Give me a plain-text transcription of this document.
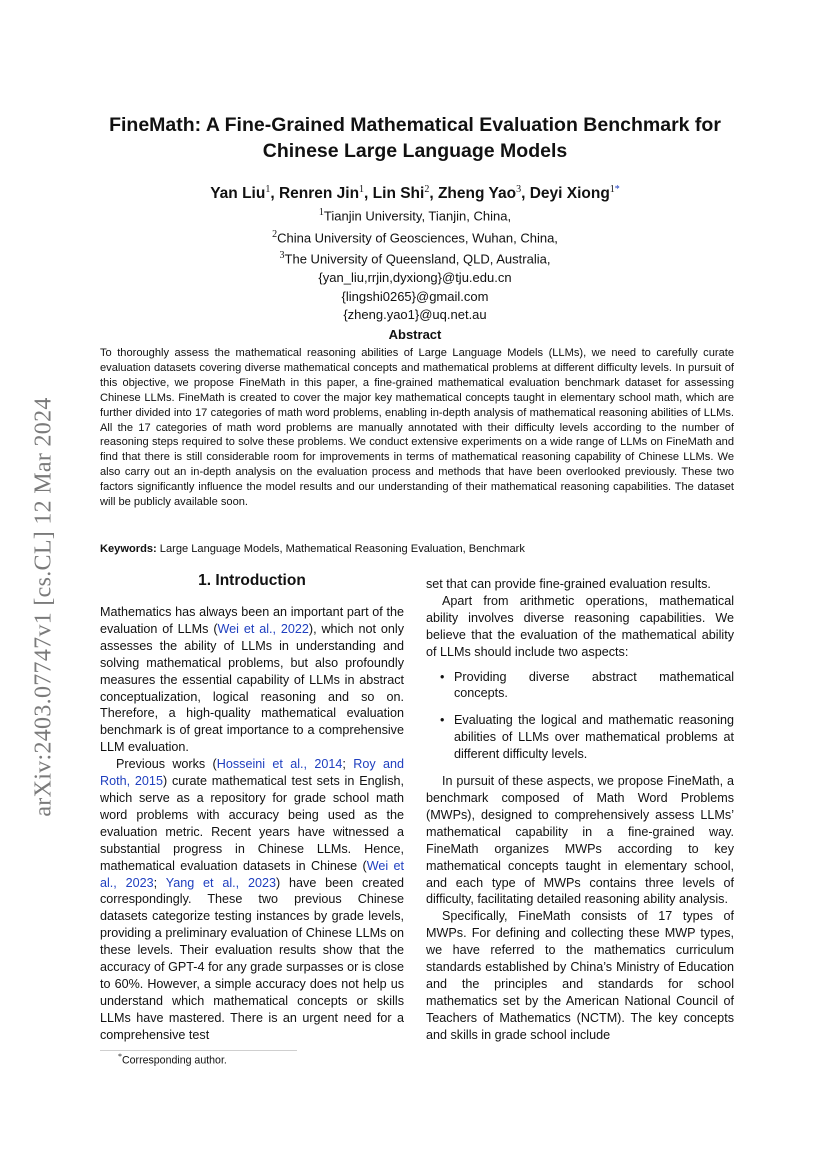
arXiv:2403.07747v1 [cs.CL] 12 Mar 2024
FineMath: A Fine-Grained Mathematical Evaluation Benchmark for
Chinese Large Language Models
Yan Liu$^1$, Renren Jin$^1$, Lin Shi$^2$, Zheng Yao$^3$, Deyi Xiong$^{1*}$
$^1$Tianjin University, Tianjin, China,
$^2$China University of Geosciences, Wuhan, China,
$^3$The University of Queensland, QLD, Australia,
{yan_liu,rrjin,dyxiong}@tju.edu.cn
{lingshi0265}@gmail.com
{zheng.yao1}@uq.net.au
Abstract
To thoroughly assess the mathematical reasoning abilities of Large Language Models (LLMs), we need to carefully curate evaluation datasets covering diverse mathematical concepts and mathematical problems at different difficulty levels. In pursuit of this objective, we propose FineMath in this paper, a fine-grained mathematical evaluation benchmark dataset for assessing Chinese LLMs. FineMath is created to cover the major key mathematical concepts taught in elementary school math, which are further divided into 17 categories of math word problems, enabling in-depth analysis of mathematical reasoning abilities of LLMs. All the 17 categories of math word problems are manually annotated with their difficulty levels according to the number of reasoning steps required to solve these problems. We conduct extensive experiments on a wide range of LLMs on FineMath and find that there is still considerable room for improvements in terms of mathematical reasoning capability of Chinese LLMs. We also carry out an in-depth analysis on the evaluation process and methods that have been overlooked previously. These two factors significantly influence the model results and our understanding of their mathematical reasoning capabilities. The dataset will be publicly available soon.
Keywords: Large Language Models, Mathematical Reasoning Evaluation, Benchmark
1. Introduction

Mathematics has always been an important part of the evaluation of LLMs (Wei et al., 2022), which not only assesses the ability of LLMs in understanding and solving mathematical problems, but also profoundly measures the essential capability of LLMs in abstract conceptualization, logical reasoning and so on. Therefore, a high-quality mathematical evaluation benchmark is of great importance to a comprehensive LLM evaluation.

Previous works (Hosseini et al., 2014; Roy and Roth, 2015) curate mathematical test sets in English, which serve as a repository for grade school math word problems with accuracy being used as the evaluation metric. Recent years have witnessed a substantial progress in Chinese LLMs. Hence, mathematical evaluation datasets in Chinese (Wei et al., 2023; Yang et al., 2023) have been created correspondingly. These two previous Chinese datasets categorize testing instances by grade levels, providing a preliminary evaluation of Chinese LLMs on these levels. Their evaluation results show that the accuracy of GPT-4 for any grade surpasses or is close to 60%. However, a simple accuracy does not help us understand which mathematical concepts or skills LLMs have mastered. There is an urgent need for a comprehensive test

set that can provide fine-grained evaluation results.

Apart from arithmetic operations, mathematical ability involves diverse reasoning capabilities. We believe that the evaluation of the mathematical ability of LLMs should include two aspects:

• Providing diverse abstract mathematical concepts.
• Evaluating the logical and mathematic reasoning abilities of LLMs over mathematical problems at different difficulty levels.

In pursuit of these aspects, we propose FineMath, a benchmark composed of Math Word Problems (MWPs), designed to comprehensively assess LLMs’ mathematical capability in a fine-grained way. FineMath organizes MWPs according to key mathematical concepts taught in elementary school, and each type of MWPs contains three levels of difficulty, facilitating detailed reasoning ability analysis.

Specifically, FineMath consists of 17 types of MWPs. For defining and collecting these MWP types, we have referred to the mathematics curriculum standards established by China’s Ministry of Education and the principles and standards for school mathematics set by the American National Council of Teachers of Mathematics (NCTM). The key concepts and skills in grade school include

*Corresponding author.
